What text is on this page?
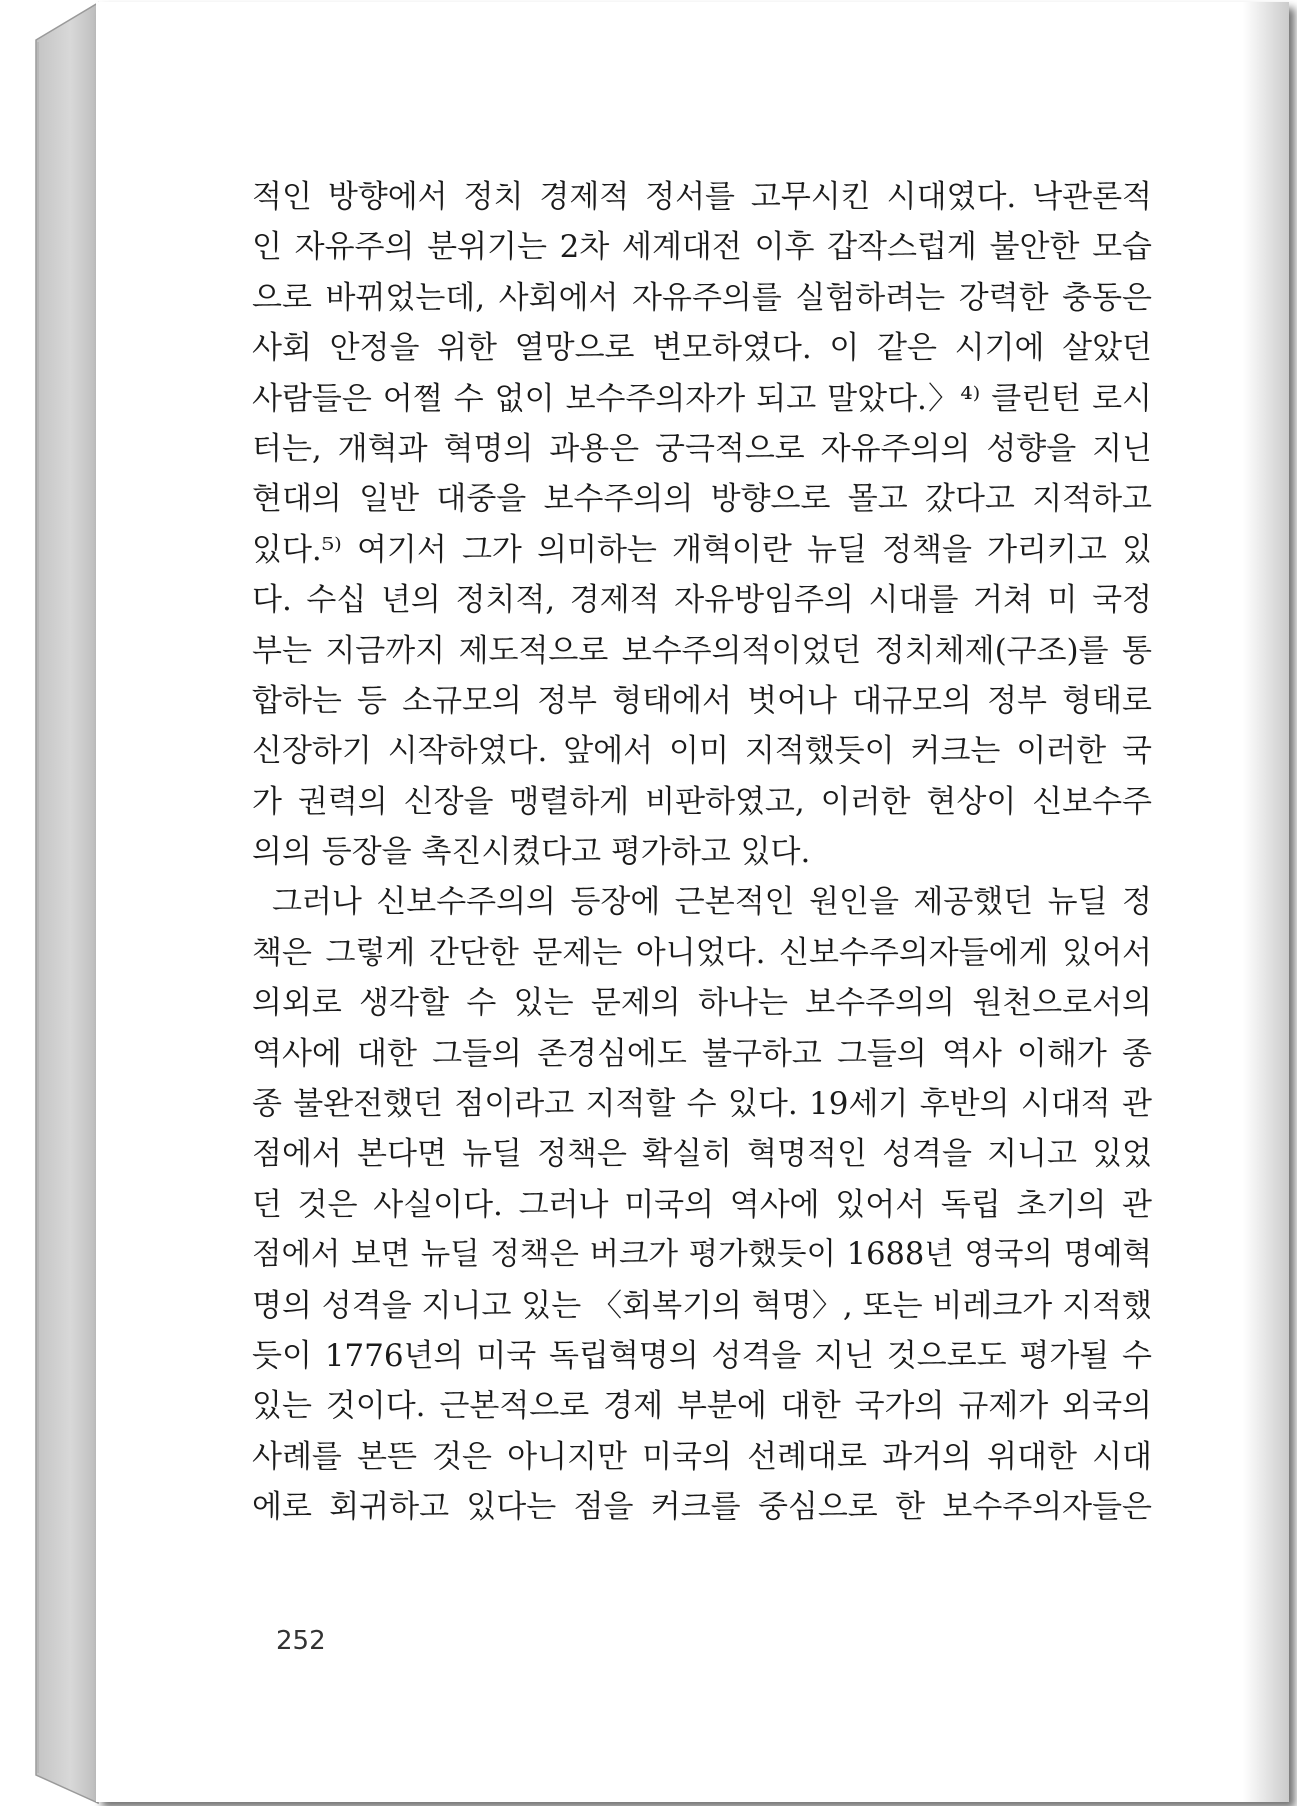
적인 방향에서 정치 경제적 정서를 고무시킨 시대였다. 낙관론적
인 자유주의 분위기는 2차 세계대전 이후 갑작스럽게 불안한 모습
으로 바뀌었는데, 사회에서 자유주의를 실험하려는 강력한 충동은
사회 안정을 위한 열망으로 변모하였다. 이 같은 시기에 살았던
사람들은 어쩔 수 없이 보수주의자가 되고 말았다.〉⁴⁾ 클린턴 로시
터는, 개혁과 혁명의 과용은 궁극적으로 자유주의의 성향을 지닌
현대의 일반 대중을 보수주의의 방향으로 몰고 갔다고 지적하고
있다.⁵⁾ 여기서 그가 의미하는 개혁이란 뉴딜 정책을 가리키고 있
다. 수십 년의 정치적, 경제적 자유방임주의 시대를 거쳐 미 국정
부는 지금까지 제도적으로 보수주의적이었던 정치체제(구조)를 통
합하는 등 소규모의 정부 형태에서 벗어나 대규모의 정부 형태로
신장하기 시작하였다. 앞에서 이미 지적했듯이 커크는 이러한 국
가 권력의 신장을 맹렬하게 비판하였고, 이러한 현상이 신보수주
의의 등장을 촉진시켰다고 평가하고 있다.
그러나 신보수주의의 등장에 근본적인 원인을 제공했던 뉴딜 정
책은 그렇게 간단한 문제는 아니었다. 신보수주의자들에게 있어서
의외로 생각할 수 있는 문제의 하나는 보수주의의 원천으로서의
역사에 대한 그들의 존경심에도 불구하고 그들의 역사 이해가 종
종 불완전했던 점이라고 지적할 수 있다. 19세기 후반의 시대적 관
점에서 본다면 뉴딜 정책은 확실히 혁명적인 성격을 지니고 있었
던 것은 사실이다. 그러나 미국의 역사에 있어서 독립 초기의 관
점에서 보면 뉴딜 정책은 버크가 평가했듯이 1688년 영국의 명예혁
명의 성격을 지니고 있는 〈회복기의 혁명〉, 또는 비레크가 지적했
듯이 1776년의 미국 독립혁명의 성격을 지닌 것으로도 평가될 수
있는 것이다. 근본적으로 경제 부분에 대한 국가의 규제가 외국의
사례를 본뜬 것은 아니지만 미국의 선례대로 과거의 위대한 시대
에로 회귀하고 있다는 점을 커크를 중심으로 한 보수주의자들은
252
